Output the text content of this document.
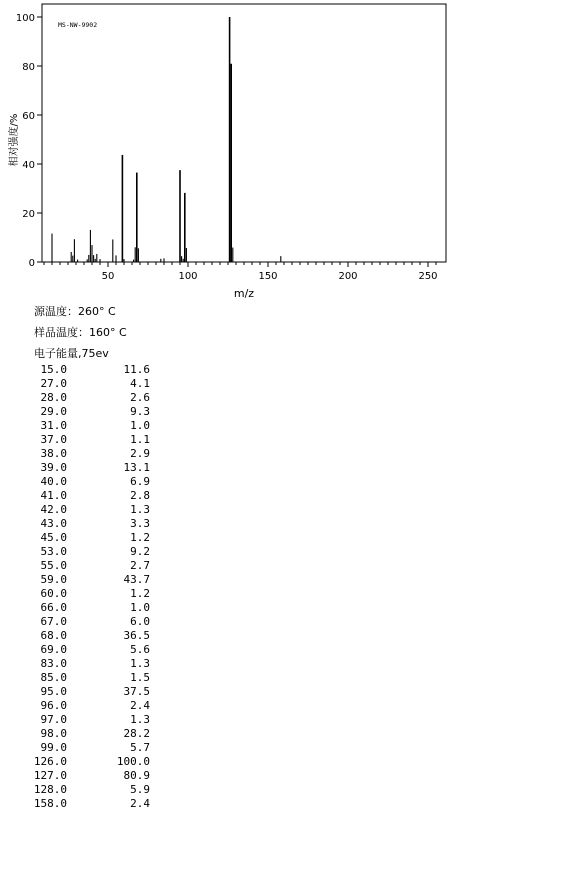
MS-NW-9902
0
20
40
60
80
100
50	100	150	200	250
m/z
相对强度/%
源温度：260° C
样品温度：160° C
电子能量,75ev
15.0	11.6
27.0	4.1
28.0	2.6
29.0	9.3
31.0	1.0
37.0	1.1
38.0	2.9
39.0	13.1
40.0	6.9
41.0	2.8
42.0	1.3
43.0	3.3
45.0	1.2
53.0	9.2
55.0	2.7
59.0	43.7
60.0	1.2
66.0	1.0
67.0	6.0
68.0	36.5
69.0	5.6
83.0	1.3
85.0	1.5
95.0	37.5
96.0	2.4
97.0	1.3
98.0	28.2
99.0	5.7
126.0	100.0
127.0	80.9
128.0	5.9
158.0	2.4
